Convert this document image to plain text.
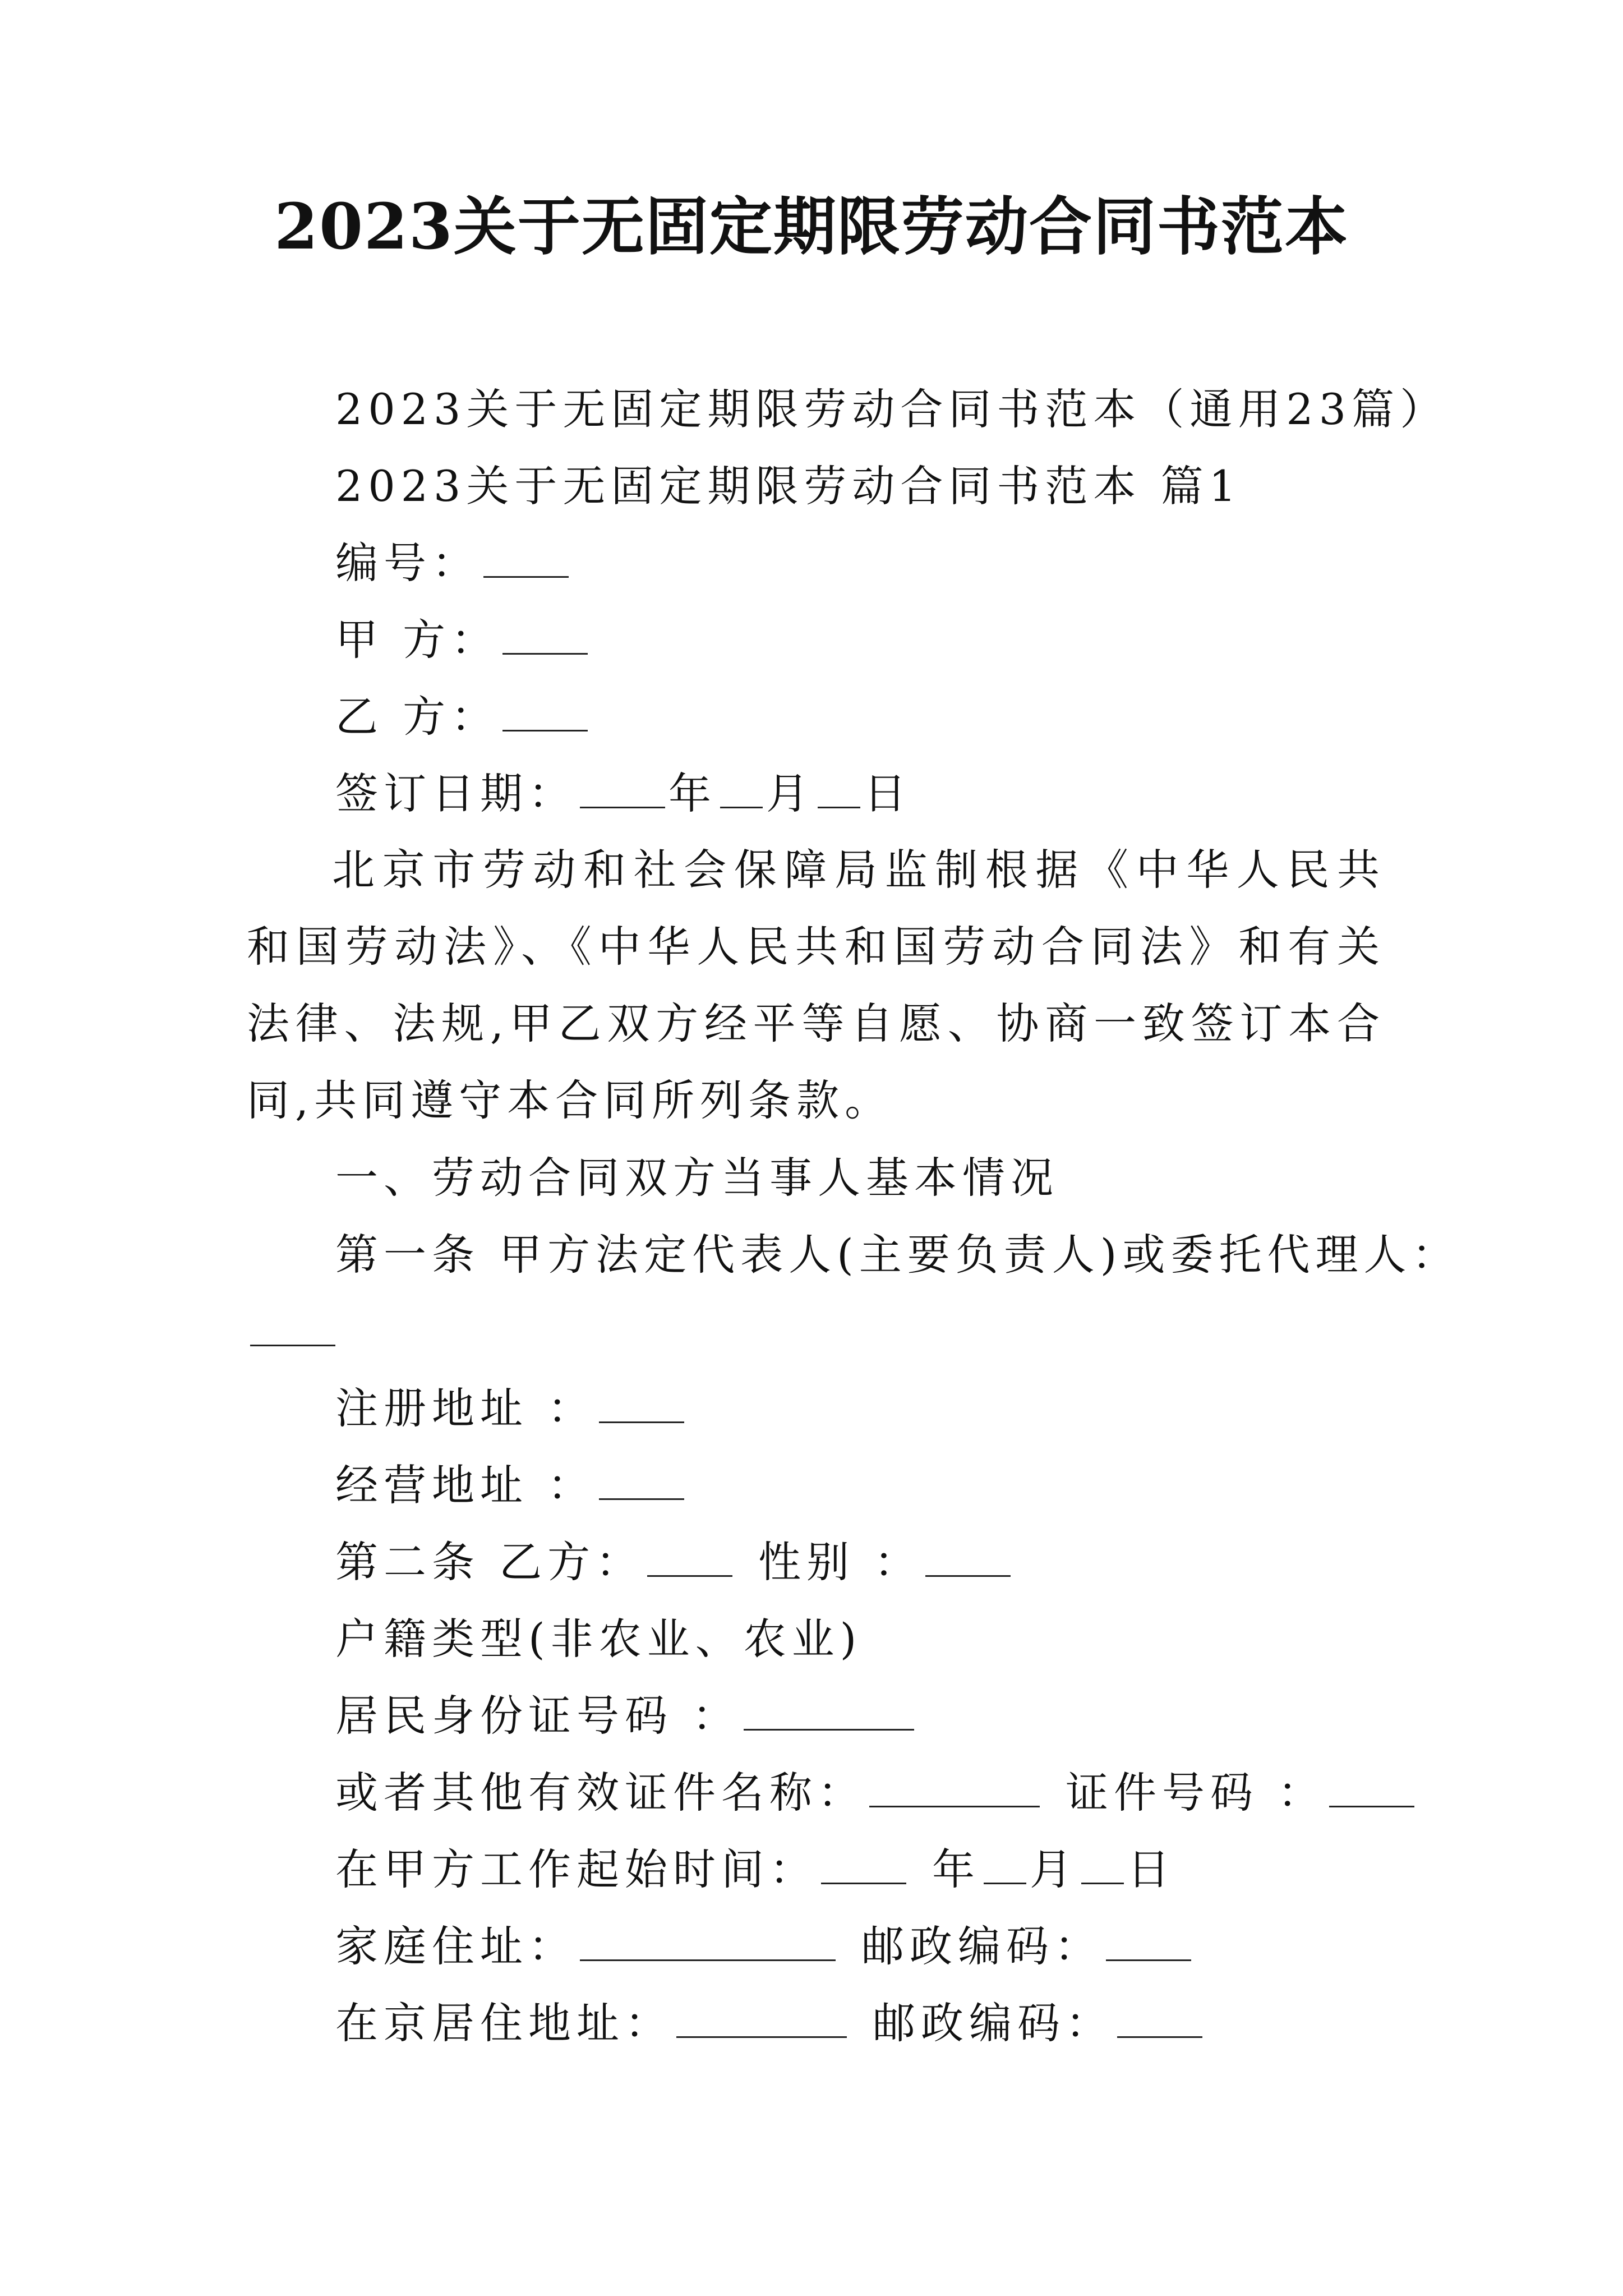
2023关于无固定期限劳动合同书范本
2023关于无固定期限劳动合同书范本（通用23篇）
2023关于无固定期限劳动合同书范本 篇1
编号：
甲 方：
乙 方：
签订日期： 年 月 日
北京市劳动和社会保障局监制根据《中华人民共和国劳动法》、《中华人民共和国劳动合同法》和有关法律、法规,甲乙双方经平等自愿、协商一致签订本合同,共同遵守本合同所列条款。
一、劳动合同双方当事人基本情况
第一条 甲方法定代表人(主要负责人)或委托代理人：
注册地址 ：
经营地址 ：
第二条 乙方：	性别 ：
户籍类型(非农业、农业)
居民身份证号码 ：
或者其他有效证件名称：	证件号码 ：
在甲方工作起始时间：	年 月 日
家庭住址：	邮政编码：
在京居住地址：	邮政编码：
